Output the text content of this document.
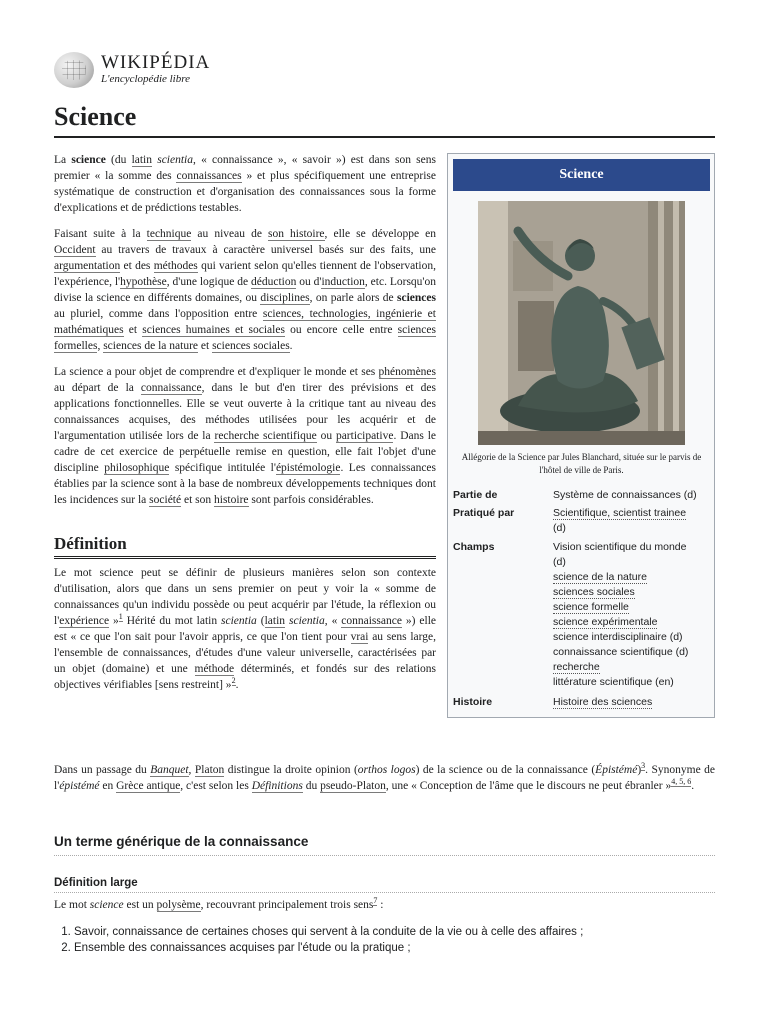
WIKIPÉDIA
L'encyclopédie libre
Science

La science (du latin scientia, « connaissance », « savoir ») est dans son sens premier « la somme des connaissances » et plus spécifiquement une entreprise systématique de construction et d'organisation des connaissances sous la forme d'explications et de prédictions testables.

Faisant suite à la technique au niveau de son histoire, elle se développe en Occident au travers de travaux à caractère universel basés sur des faits, une argumentation et des méthodes qui varient selon qu'elles tiennent de l'observation, l'expérience, l'hypothèse, d'une logique de déduction ou d'induction, etc. Lorsqu'on divise la science en différents domaines, ou disciplines, on parle alors de sciences au pluriel, comme dans l'opposition entre sciences, technologies, ingénierie et mathématiques et sciences humaines et sociales ou encore celle entre sciences formelles, sciences de la nature et sciences sociales.

La science a pour objet de comprendre et d'expliquer le monde et ses phénomènes au départ de la connaissance, dans le but d'en tirer des prévisions et des applications fonctionnelles. Elle se veut ouverte à la critique tant au niveau des connaissances acquises, des méthodes utilisées pour les acquérir et de l'argumentation utilisée lors de la recherche scientifique ou participative. Dans le cadre de cet exercice de perpétuelle remise en question, elle fait l'objet d'une discipline philosophique spécifique intitulée l'épistémologie. Les connaissances établies par la science sont à la base de nombreux développements techniques dont les incidences sur la société et son histoire sont parfois considérables.

Définition

Le mot science peut se définir de plusieurs manières selon son contexte d'utilisation, alors que dans un sens premier on peut y voir la « somme de connaissances qu'un individu possède ou peut acquérir par l'étude, la réflexion ou l'expérience »$^1$ Hérité du mot latin scientia (latin scientia, « connaissance ») elle est « ce que l'on sait pour l'avoir appris, ce que l'on tient pour vrai au sens large, l'ensemble de connaissances, d'études d'une valeur universelle, caractérisées par un objet (domaine) et une méthode déterminés, et fondés sur des relations objectives vérifiables [sens restreint] »$^2$.

Science
Allégorie de la Science par Jules Blanchard, située sur le parvis de l'hôtel de ville de Paris.
Partie de	Système de connaissances (d)
Pratiqué par	Scientifique, scientist trainee
(d)
Champs	Vision scientifique du monde
(d)
science de la nature
sciences sociales
science formelle
science expérimentale
science interdisciplinaire (d)
connaissance scientifique (d)
recherche
littérature scientifique (en)
Histoire	Histoire des sciences

Dans un passage du Banquet, Platon distingue la droite opinion (orthos logos) de la science ou de la connaissance (Épistémé)$^3$. Synonyme de l'épistémé en Grèce antique, c'est selon les Définitions du pseudo-Platon, une « Conception de l'âme que le discours ne peut ébranler »$^{4, 5, 6}$.

Un terme générique de la connaissance
Définition large

Le mot science est un polysème, recouvrant principalement trois sens$^7$ :

1. Savoir, connaissance de certaines choses qui servent à la conduite de la vie ou à celle des affaires ;
2. Ensemble des connaissances acquises par l'étude ou la pratique ;
